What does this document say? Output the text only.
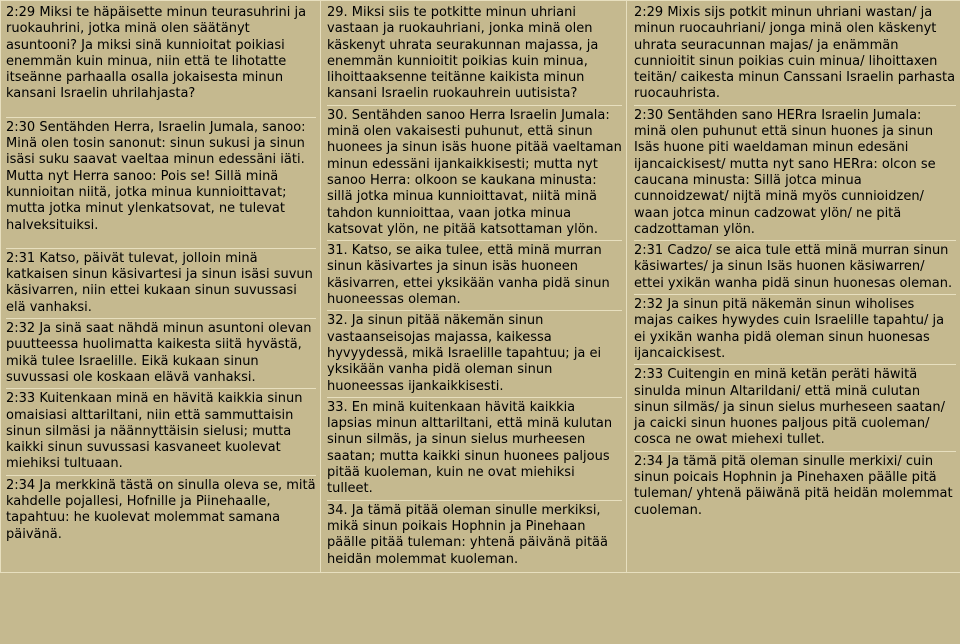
2:29 Miksi te häpäisette minun teurasuhrini ja ruokauhrini, jotka minä olen säätänyt asuntooni? Ja miksi sinä kunnioitat poikiasi enemmän kuin minua, niin että te lihotatte itseänne parhaalla osalla jokaisesta minun kansani Israelin uhrilahjasta?

2:30 Sentähden Herra, Israelin Jumala, sanoo: Minä olen tosin sanonut: sinun sukusi ja sinun isäsi suku saavat vaeltaa minun edessäni iäti. Mutta nyt Herra sanoo: Pois se! Sillä minä kunnioitan niitä, jotka minua kunnioittavat; mutta jotka minut ylenkatsovat, ne tulevat halveksituiksi.

2:31 Katso, päivät tulevat, jolloin minä katkaisen sinun käsivartesi ja sinun isäsi suvun käsivarren, niin ettei kukaan sinun suvussasi elä vanhaksi.

2:32 Ja sinä saat nähdä minun asuntoni olevan puutteessa huolimatta kaikesta siitä hyvästä, mikä tulee Israelille. Eikä kukaan sinun suvussasi ole koskaan elävä vanhaksi.

2:33 Kuitenkaan minä en hävitä kaikkia sinun omaisiasi alttariltani, niin että sammuttaisin sinun silmäsi ja näännyttäisin sielusi; mutta kaikki sinun suvussasi kasvaneet kuolevat miehiksi tultuaan.

2:34 Ja merkkinä tästä on sinulla oleva se, mitä kahdelle pojallesi, Hofnille ja Piinehaalle, tapahtuu: he kuolevat molemmat samana päivänä.

29. Miksi siis te potkitte minun uhriani vastaan ja ruokauhriani, jonka minä olen käskenyt uhrata seurakunnan majassa, ja enemmän kunnioitit poikias kuin minua, lihoittaaksenne teitänne kaikista minun kansani Israelin ruokauhrein uutisista?

30. Sentähden sanoo Herra Israelin Jumala: minä olen vakaisesti puhunut, että sinun huonees ja sinun isäs huone pitää vaeltaman minun edessäni ijankaikkisesti; mutta nyt sanoo Herra: olkoon se kaukana minusta: sillä jotka minua kunnioittavat, niitä minä tahdon kunnioittaa, vaan jotka minua katsovat ylön, ne pitää katsottaman ylön.

31. Katso, se aika tulee, että minä murran sinun käsivartes ja sinun isäs huoneen käsivarren, ettei yksikään vanha pidä sinun huoneessas oleman.

32. Ja sinun pitää näkemän sinun vastaanseisojas majassa, kaikessa hyvyydessä, mikä Israelille tapahtuu; ja ei yksikään vanha pidä oleman sinun huoneessas ijankaikkisesti.

33. En minä kuitenkaan hävitä kaikkia lapsias minun alttariltani, että minä kulutan sinun silmäs, ja sinun sielus murheesen saatan; mutta kaikki sinun huonees paljous pitää kuoleman, kuin ne ovat miehiksi tulleet.

34. Ja tämä pitää oleman sinulle merkiksi, mikä sinun poikais Hophnin ja Pinehaan päälle pitää tuleman: yhtenä päivänä pitää heidän molemmat kuoleman.

2:29 Mixis sijs potkit minun uhriani wastan/ ja minun ruocauhriani/ jonga minä olen käskenyt uhrata seuracunnan majas/ ja enämmän cunnioitit sinun poikias cuin minua/ lihoittaxen teitän/ caikesta minun Canssani Israelin parhasta ruocauhrista.

2:30 Sentähden sano HERra Israelin Jumala: minä olen puhunut että sinun huones ja sinun Isäs huone piti waeldaman minun edesäni ijancaickisest/ mutta nyt sano HERra: olcon se caucana minusta: Sillä jotca minua cunnoidzewat/ nijtä minä myös cunnioidzen/ waan jotca minun cadzowat ylön/ ne pitä cadzottaman ylön.

2:31 Cadzo/ se aica tule että minä murran sinun käsiwartes/ ja sinun Isäs huonen käsiwarren/ ettei yxikän wanha pidä sinun huonesas oleman.

2:32 Ja sinun pitä näkemän sinun wiholises majas caikes hywydes cuin Israelille tapahtu/ ja ei yxikän wanha pidä oleman sinun huonesas ijancaickisest.

2:33 Cuitengin en minä ketän peräti häwitä sinulda minun Altarildani/ että minä culutan sinun silmäs/ ja sinun sielus murheseen saatan/ ja caicki sinun huones paljous pitä cuoleman/ cosca ne owat miehexi tullet.

2:34 Ja tämä pitä oleman sinulle merkixi/ cuin sinun poicais Hophnin ja Pinehaxen päälle pitä tuleman/ yhtenä päiwänä pitä heidän molemmat cuoleman.
